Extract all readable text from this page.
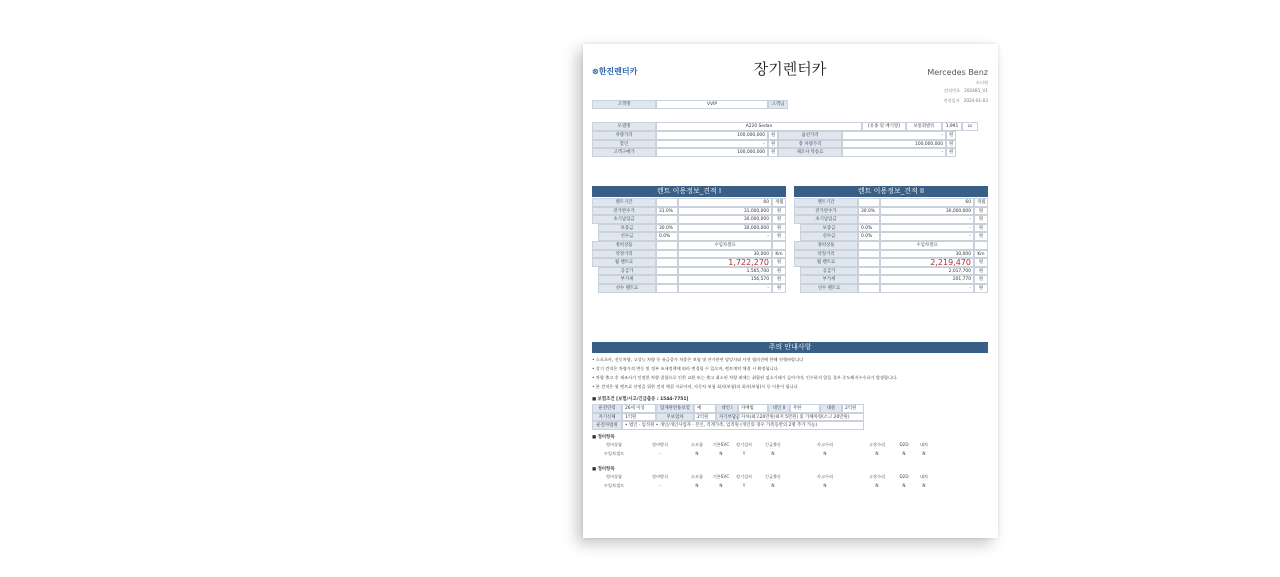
⊗한진렌터카	장기렌터카	Mercedes Benz
모터원
견적번호 2024B1_V1
견적일자 2024-01-03
고객명	VVIP	고객님
모델명	A220 Sedan	[유종 및 배기량]	보통휘발유	1,991	cc
차량가격	100,000,000	원	옵션가격	-	원
할인	-	원	총 차량가격	100,000,000	원
고객구매가	100,000,000	원	제조사 탁송료	-	원
렌트 이용정보_견적 I
렌트기간	60	개월
잔가반수가	31.0%	31,000,000	원
초기납입금	30,000,000	원
보증금	30.0%	30,000,000	원
선수금	0.0%	-	원
정비상품	수입차셀프
약정거리	30,000	Km
월 렌트료	1,722,270	원
공급가	1,565,700	원
부가세	156,570	원
선수 렌트료	-	원
렌트 이용정보_견적 II
렌트기간	60	개월
잔가반수가	30.0%	30,000,000	원
초기납입금	-	원
보증금	0.0%	-	원
선수금	0.0%	-	원
정비상품	수입차셀프
약정거리	30,000	Km
월 렌트료	2,219,470	원
공급가	2,017,700	원
부가세	201,770	원
선수 렌트료	-	원
주의 안내사항
• 스포츠카, 전동차량, 고성능 차량 등 유금종가 차종은 보험 및 잔가관련 담당자와 사전 협의진에 한해 진행바랍니다
• 상기 견적은 차량가격 변동 및 정부 조세정책에 따라 변경될 수 있으며, 렌트계약 체결 시 확정됩니다.
• 차량 출고 후 제조사가 인정한 차량 결함으로 인한 교환 또는 출고 취소된 차량 외에는 취합된 임소가래가 들어가며, 인수하지 않을 경우 중도해지수수료가 발생합니다.
• 본 견적은 월 렌트료 산정을 위한 견적 체결 자료이며, 자동차 보험 회사(보험)과 회사(보험)시 등 이용이 됩니다
■ 보험조건 [보험/사고/긴급출동 : 1544-7751]
운전연령	26세 이상	탑재관련용보험	예	대인 I	자배법	대인 II	무한	대물	2억원
자기신체	1억원	무보험차	2억원	자기부담금 자차(최고20만원/최저 5만원) 및 가해차량(소고 20만원)
운전자범위	• 법인 · 임직원 • 개인/개인사업자 · 본인, 직계가족, 임직원 (개인의 경우 가족동반의 2명 추가 가능)
■ 정비항목
정비상품	정비방식	소모품	기본SVC	정기검사	긴급출동	사고수리	고장수리	D2D	대차
수입차셀프	-	N	N	Y	N	N	N	N	N
■ 정비항목
정비상품	정비방식	소모품	기본SVC	정기검사	긴급출동	사고수리	고장수리	D2D	대차
수입차셀프	-	N	N	Y	N	N	N	N	N
